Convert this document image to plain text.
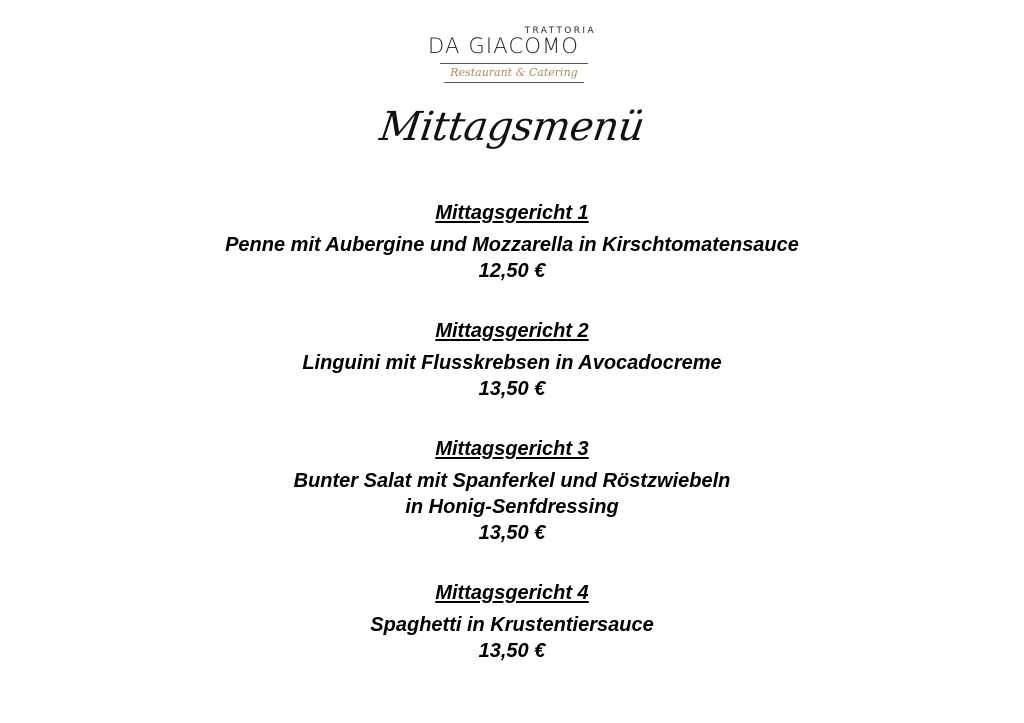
TRATTORIA
DA GIACOMO
Restaurant & Catering
Mittagsmenü
Mittagsgericht 1
Penne mit Aubergine und Mozzarella in Kirschtomatensauce
12,50 €
Mittagsgericht 2
Linguini mit Flusskrebsen in Avocadocreme
13,50 €
Mittagsgericht 3
Bunter Salat mit Spanferkel und Röstzwiebeln
in Honig-Senfdressing
13,50 €
Mittagsgericht 4
Spaghetti in Krustentiersauce
13,50 €
